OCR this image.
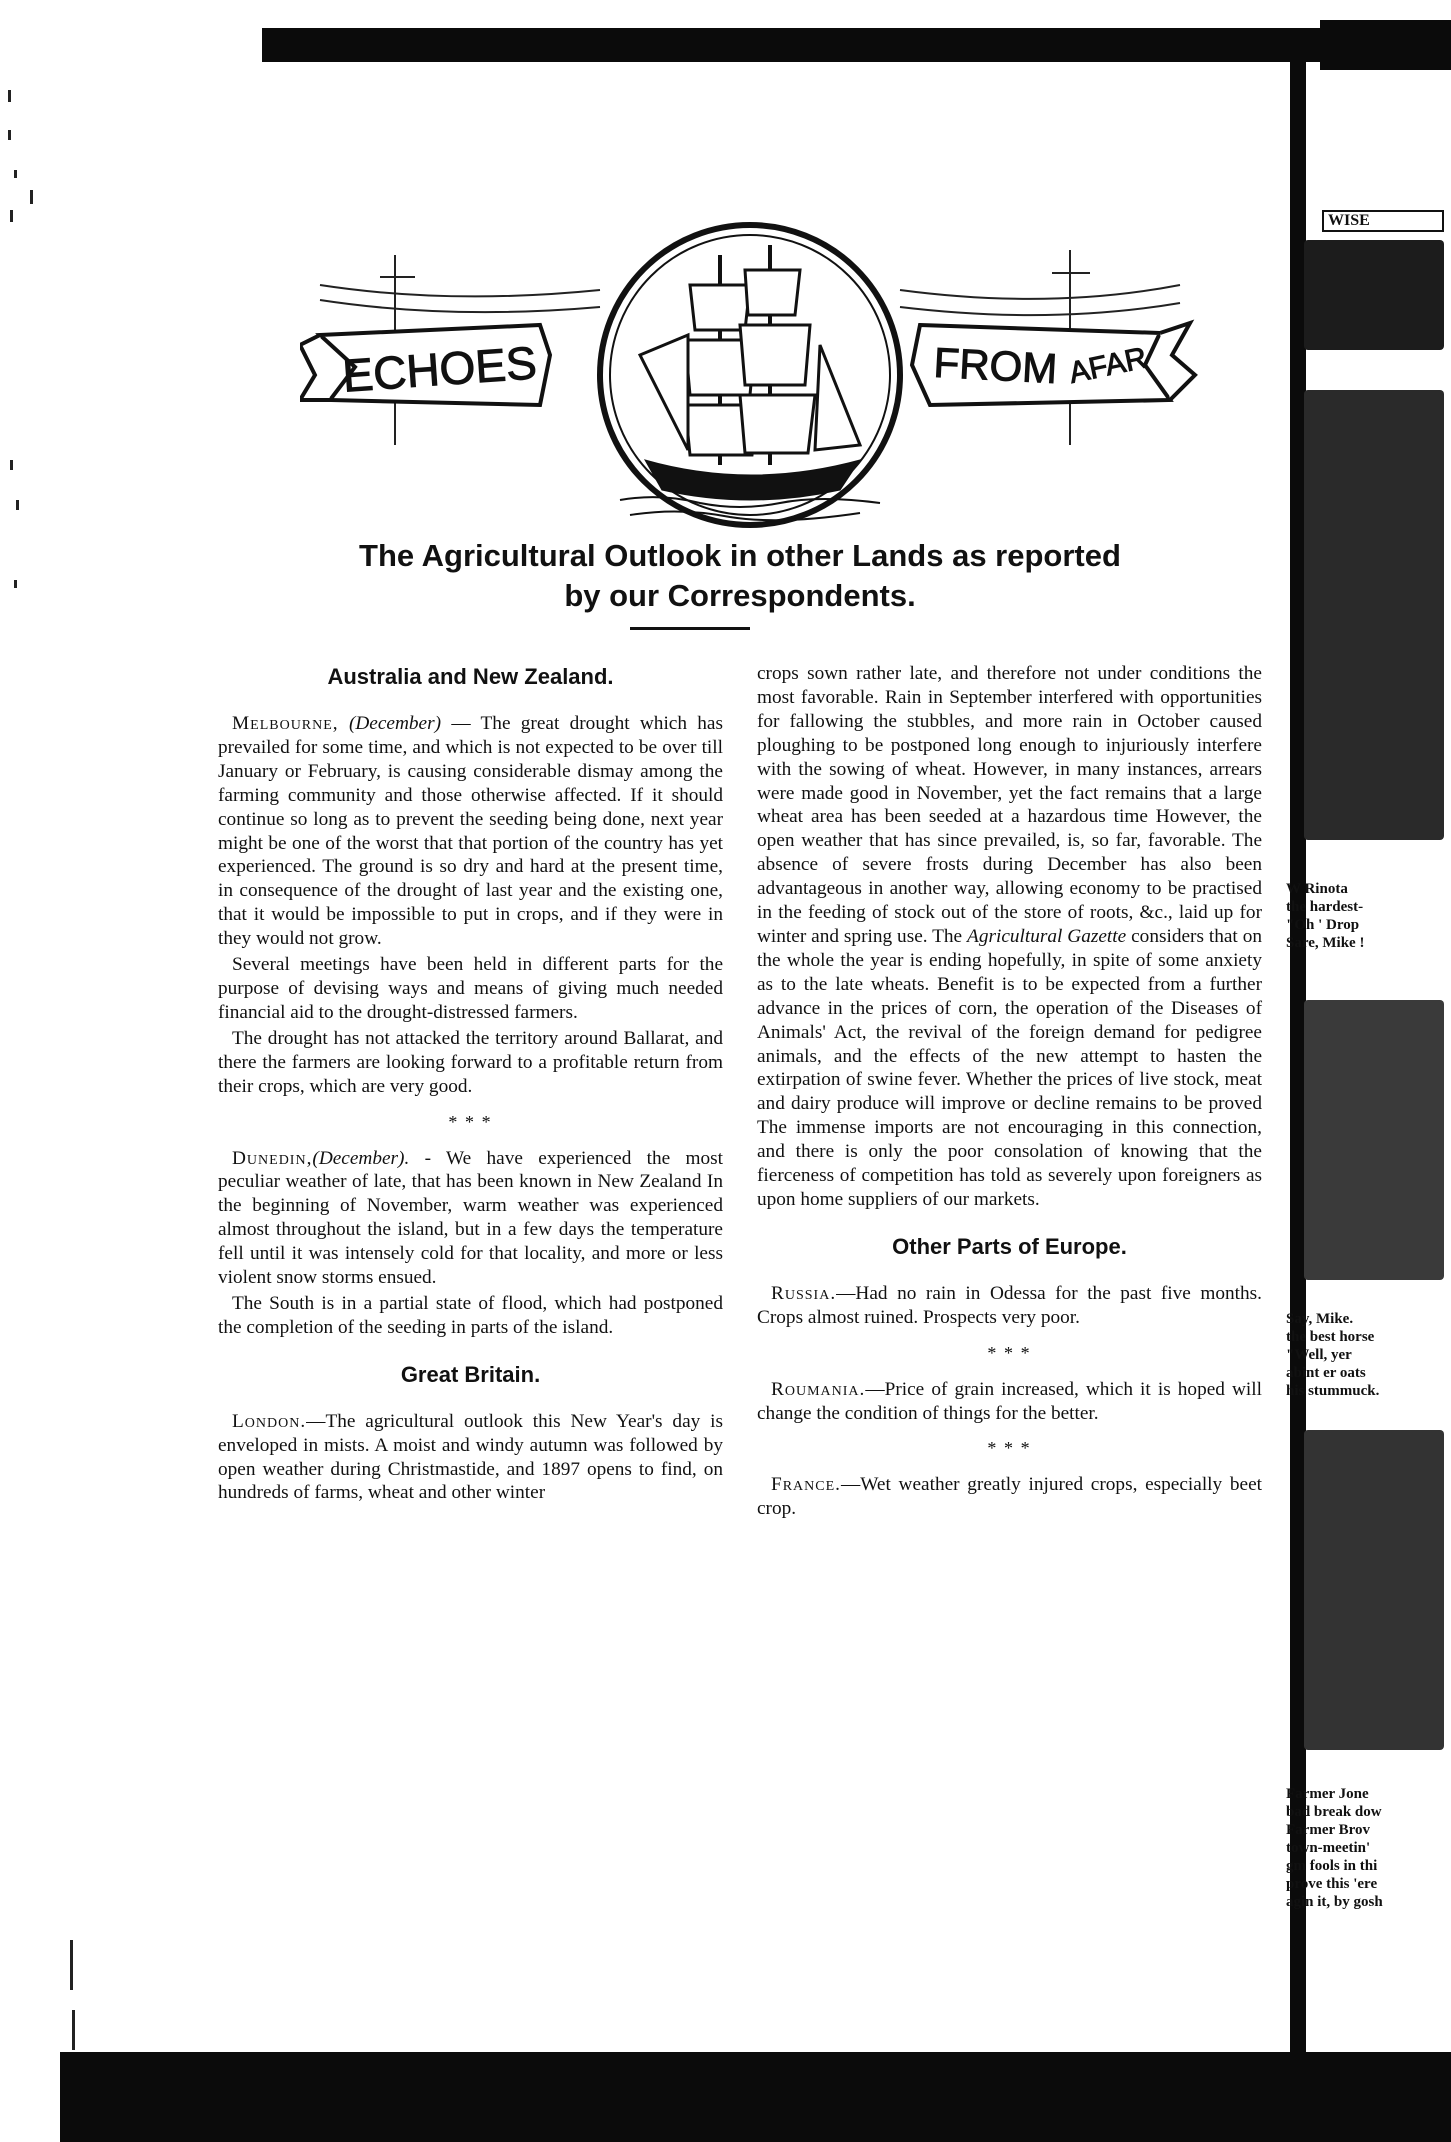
ECHOES	FROM AFAR
The Agricultural Outlook in other Lands as reported
by our Correspondents.
Australia and New Zealand.

Melbourne, (December) — The great drought which has prevailed for some time, and which is not expected to be over till January or February, is causing considerable dismay among the farming community and those otherwise affected. If it should continue so long as to prevent the seeding being done, next year might be one of the worst that that portion of the country has yet experienced. The ground is so dry and hard at the present time, in consequence of the drought of last year and the existing one, that it would be impossible to put in crops, and if they were in they would not grow.

Several meetings have been held in different parts for the purpose of devising ways and means of giving much needed financial aid to the drought-distressed farmers.

The drought has not attacked the territory around Ballarat, and there the farmers are looking forward to a profitable return from their crops, which are very good.

* * *

Dunedin,(December). - We have experienced the most peculiar weather of late, that has been known in New Zealand In the beginning of November, warm weather was experienced almost throughout the island, but in a few days the temperature fell until it was intensely cold for that locality, and more or less violent snow storms ensued.

The South is in a partial state of flood, which had postponed the completion of the seeding in parts of the island.

Great Britain.

London.—The agricultural outlook this New Year's day is enveloped in mists. A moist and windy autumn was followed by open weather during Christmastide, and 1897 opens to find, on hundreds of farms, wheat and other winter

crops sown rather late, and therefore not under conditions the most favorable. Rain in September interfered with opportunities for fallowing the stubbles, and more rain in October caused ploughing to be postponed long enough to injuriously interfere with the sowing of wheat. However, in many instances, arrears were made good in November, yet the fact remains that a large wheat area has been seeded at a hazardous time However, the open weather that has since prevailed, is, so far, favorable. The absence of severe frosts during December has also been advantageous in another way, allowing economy to be practised in the feeding of stock out of the store of roots, &c., laid up for winter and spring use. The Agricultural Gazette considers that on the whole the year is ending hopefully, in spite of some anxiety as to the late wheats. Benefit is to be expected from a further advance in the prices of corn, the operation of the Diseases of Animals' Act, the revival of the foreign demand for pedigree animals, and the effects of the new attempt to hasten the extirpation of swine fever. Whether the prices of live stock, meat and dairy produce will improve or decline remains to be proved The immense imports are not encouraging in this connection, and there is only the poor consolation of knowing that the fierceness of competition has told as severely upon foreigners as upon home suppliers of our markets.

Other Parts of Europe.

Russia.—Had no rain in Odessa for the past five months. Crops almost ruined. Prospects very poor.

* * *

Roumania.—Price of grain increased, which it is hoped will change the condition of things for the better.

* * *

France.—Wet weather greatly injured crops, especially beet crop.

WISE
W Rinota
the hardest-
"Oh ' Drop
Sare, Mike !
Say, Mike.
the best horse
"Well, yer
abint er oats
his stummuck.
Farmer Jone
bad break dow
Farmer Brov
town-meetin'
gm fools in thi
prove this 'ere
agin it, by gosh
